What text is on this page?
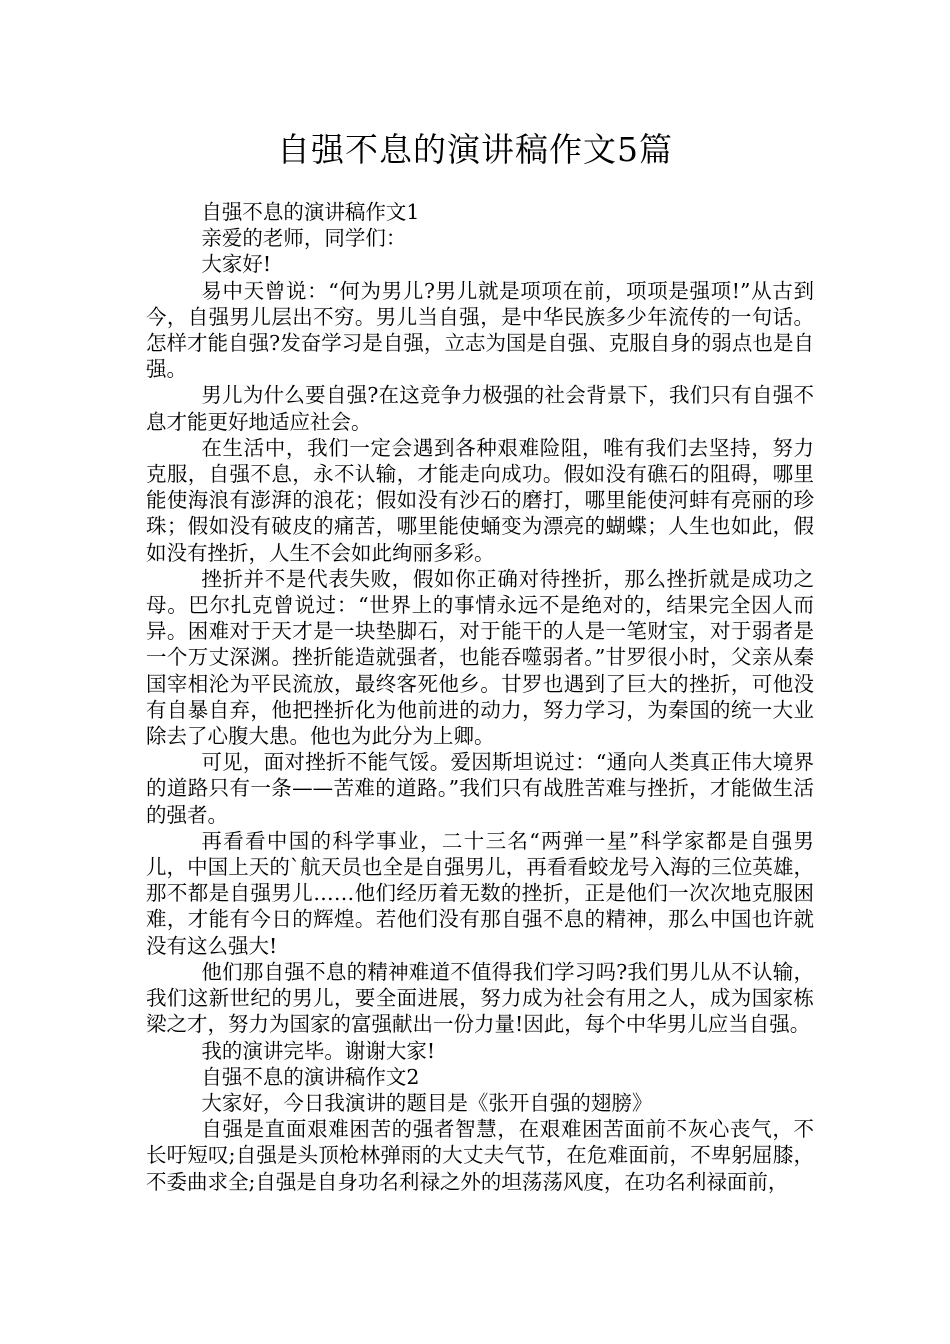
自强不息的演讲稿作文5篇

自强不息的演讲稿作文1

亲爱的老师，同学们：

大家好!

易中天曾说：“何为男儿?男儿就是项项在前，项项是强项!”从古到今，自强男儿层出不穷。男儿当自强，是中华民族多少年流传的一句话。怎样才能自强?发奋学习是自强，立志为国是自强、克服自身的弱点也是自强。

男儿为什么要自强?在这竞争力极强的社会背景下，我们只有自强不息才能更好地适应社会。

在生活中，我们一定会遇到各种艰难险阻，唯有我们去坚持，努力克服，自强不息，永不认输，才能走向成功。假如没有礁石的阻碍，哪里能使海浪有澎湃的浪花；假如没有沙石的磨打，哪里能使河蚌有亮丽的珍珠；假如没有破皮的痛苦，哪里能使蛹变为漂亮的蝴蝶；人生也如此，假如没有挫折，人生不会如此绚丽多彩。

挫折并不是代表失败，假如你正确对待挫折，那么挫折就是成功之母。巴尔扎克曾说过：“世界上的事情永远不是绝对的，结果完全因人而异。困难对于天才是一块垫脚石，对于能干的人是一笔财宝，对于弱者是一个万丈深渊。挫折能造就强者，也能吞噬弱者。”甘罗很小时，父亲从秦国宰相沦为平民流放，最终客死他乡。甘罗也遇到了巨大的挫折，可他没有自暴自弃，他把挫折化为他前进的动力，努力学习，为秦国的统一大业除去了心腹大患。他也为此分为上卿。

可见，面对挫折不能气馁。爱因斯坦说过：“通向人类真正伟大境界的道路只有一条——苦难的道路。”我们只有战胜苦难与挫折，才能做生活的强者。

再看看中国的科学事业，二十三名“两弹一星”科学家都是自强男儿，中国上天的`航天员也全是自强男儿，再看看蛟龙号入海的三位英雄，那不都是自强男儿……他们经历着无数的挫折，正是他们一次次地克服困难，才能有今日的辉煌。若他们没有那自强不息的精神，那么中国也许就没有这么强大!

他们那自强不息的精神难道不值得我们学习吗?我们男儿从不认输，我们这新世纪的男儿，要全面进展，努力成为社会有用之人，成为国家栋梁之才，努力为国家的富强献出一份力量!因此，每个中华男儿应当自强。

我的演讲完毕。谢谢大家!

自强不息的演讲稿作文2

大家好，今日我演讲的题目是《张开自强的翅膀》

自强是直面艰难困苦的强者智慧，在艰难困苦面前不灰心丧气，不长吁短叹;自强是头顶枪林弹雨的大丈夫气节，在危难面前，不卑躬屈膝，不委曲求全;自强是自身功名利禄之外的坦荡荡风度，在功名利禄面前，
